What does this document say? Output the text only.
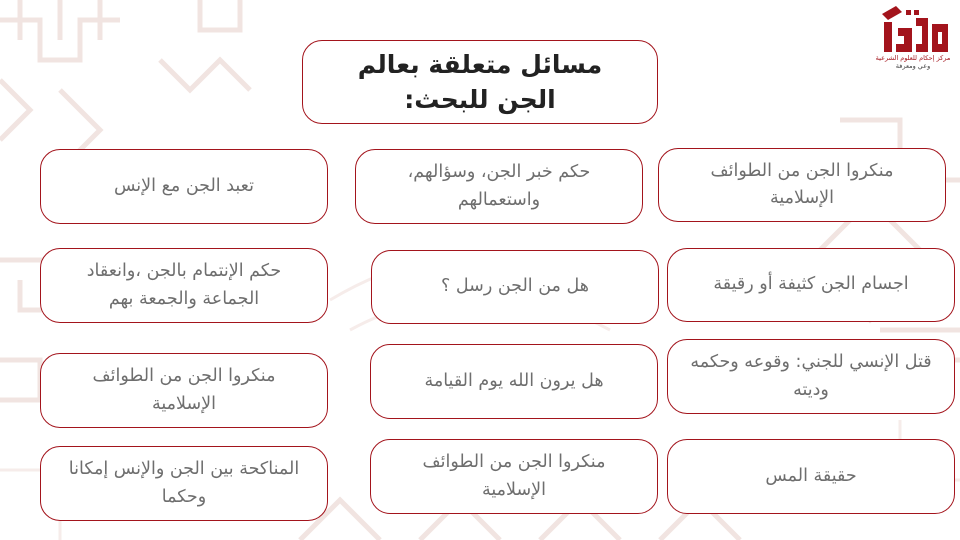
مركز إحكام للعلوم الشرعية
وعي ومعرفة
مسائل متعلقة بعالم
الجن للبحث:
تعبد الجن مع الإنس
حكم خبر الجن، وسؤالهم، واستعمالهم
منكروا الجن من الطوائف الإسلامية
حكم الإنتمام بالجن ،وانعقاد الجماعة والجمعة بهم
هل من الجن رسل ؟	اجسام الجن كثيفة أو رقيقة
منكروا الجن من الطوائف الإسلامية
هل يرون الله يوم القيامة
قتل الإنسي للجني: وقوعه وحكمه وديته
المناكحة بين الجن والإنس إمكانا وحكما
منكروا الجن من الطوائف الإسلامية
حقيقة المس
